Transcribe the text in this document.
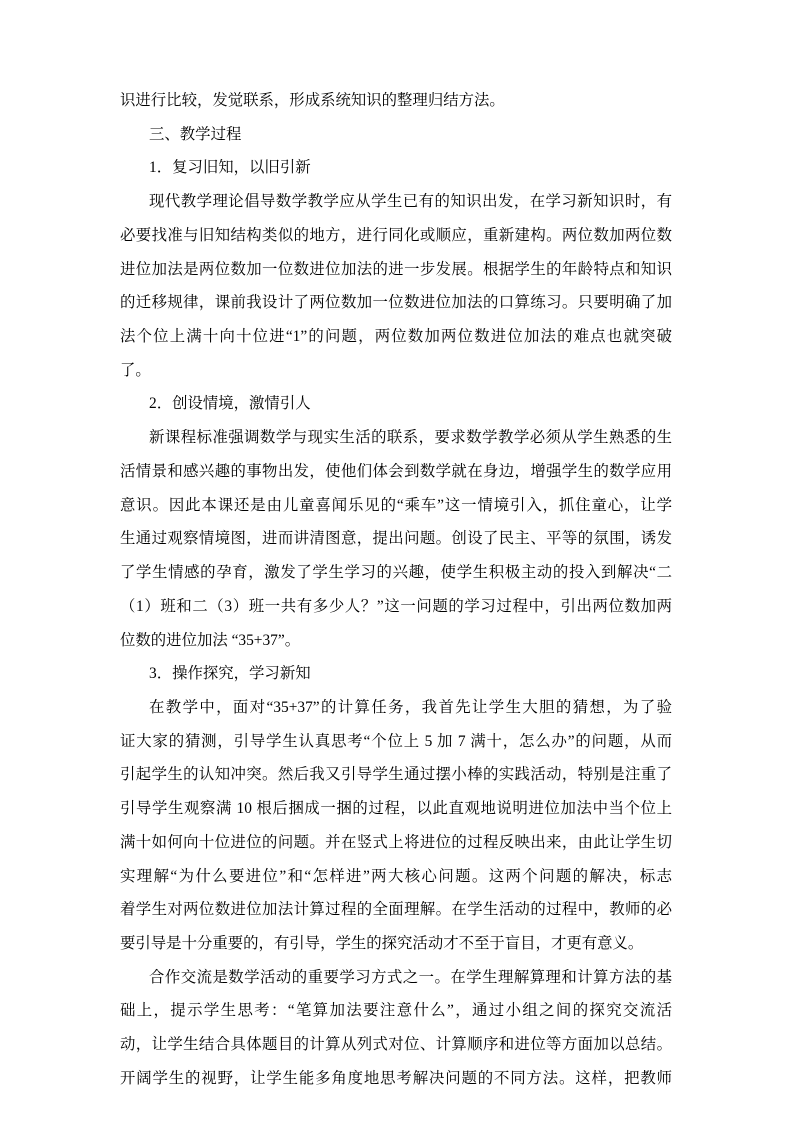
识进行比较，发觉联系，形成系统知识的整理归结方法。
三、教学过程
1．复习旧知，以旧引新
现代教学理论倡导数学教学应从学生已有的知识出发，在学习新知识时，有
必要找准与旧知结构类似的地方，进行同化或顺应，重新建构。两位数加两位数
进位加法是两位数加一位数进位加法的进一步发展。根据学生的年龄特点和知识
的迁移规律，课前我设计了两位数加一位数进位加法的口算练习。只要明确了加
法个位上满十向十位进“1”的问题，两位数加两位数进位加法的难点也就突破
了。
2．创设情境，激情引人
新课程标准强调数学与现实生活的联系，要求数学教学必须从学生熟悉的生
活情景和感兴趣的事物出发，使他们体会到数学就在身边，增强学生的数学应用
意识。因此本课还是由儿童喜闻乐见的“乘车”这一情境引入，抓住童心，让学
生通过观察情境图，进而讲清图意，提出问题。创设了民主、平等的氛围，诱发
了学生情感的孕育，激发了学生学习的兴趣，使学生积极主动的投入到解决“二
（1）班和二（3）班一共有多少人？”这一问题的学习过程中，引出两位数加两
位数的进位加法 “35+37”。
3．操作探究，学习新知
在教学中，面对“35+37”的计算任务，我首先让学生大胆的猜想，为了验
证大家的猜测，引导学生认真思考“个位上 5 加 7 满十，怎么办”的问题，从而
引起学生的认知冲突。然后我又引导学生通过摆小棒的实践活动，特别是注重了
引导学生观察满 10 根后捆成一捆的过程，以此直观地说明进位加法中当个位上
满十如何向十位进位的问题。并在竖式上将进位的过程反映出来，由此让学生切
实理解“为什么要进位”和“怎样进”两大核心问题。这两个问题的解决，标志
着学生对两位数进位加法计算过程的全面理解。在学生活动的过程中，教师的必
要引导是十分重要的，有引导，学生的探究活动才不至于盲目，才更有意义。
合作交流是数学活动的重要学习方式之一。在学生理解算理和计算方法的基
础上，提示学生思考：“笔算加法要注意什么”，通过小组之间的探究交流活
动，让学生结合具体题目的计算从列式对位、计算顺序和进位等方面加以总结。
开阔学生的视野，让学生能多角度地思考解决问题的不同方法。这样，把教师
